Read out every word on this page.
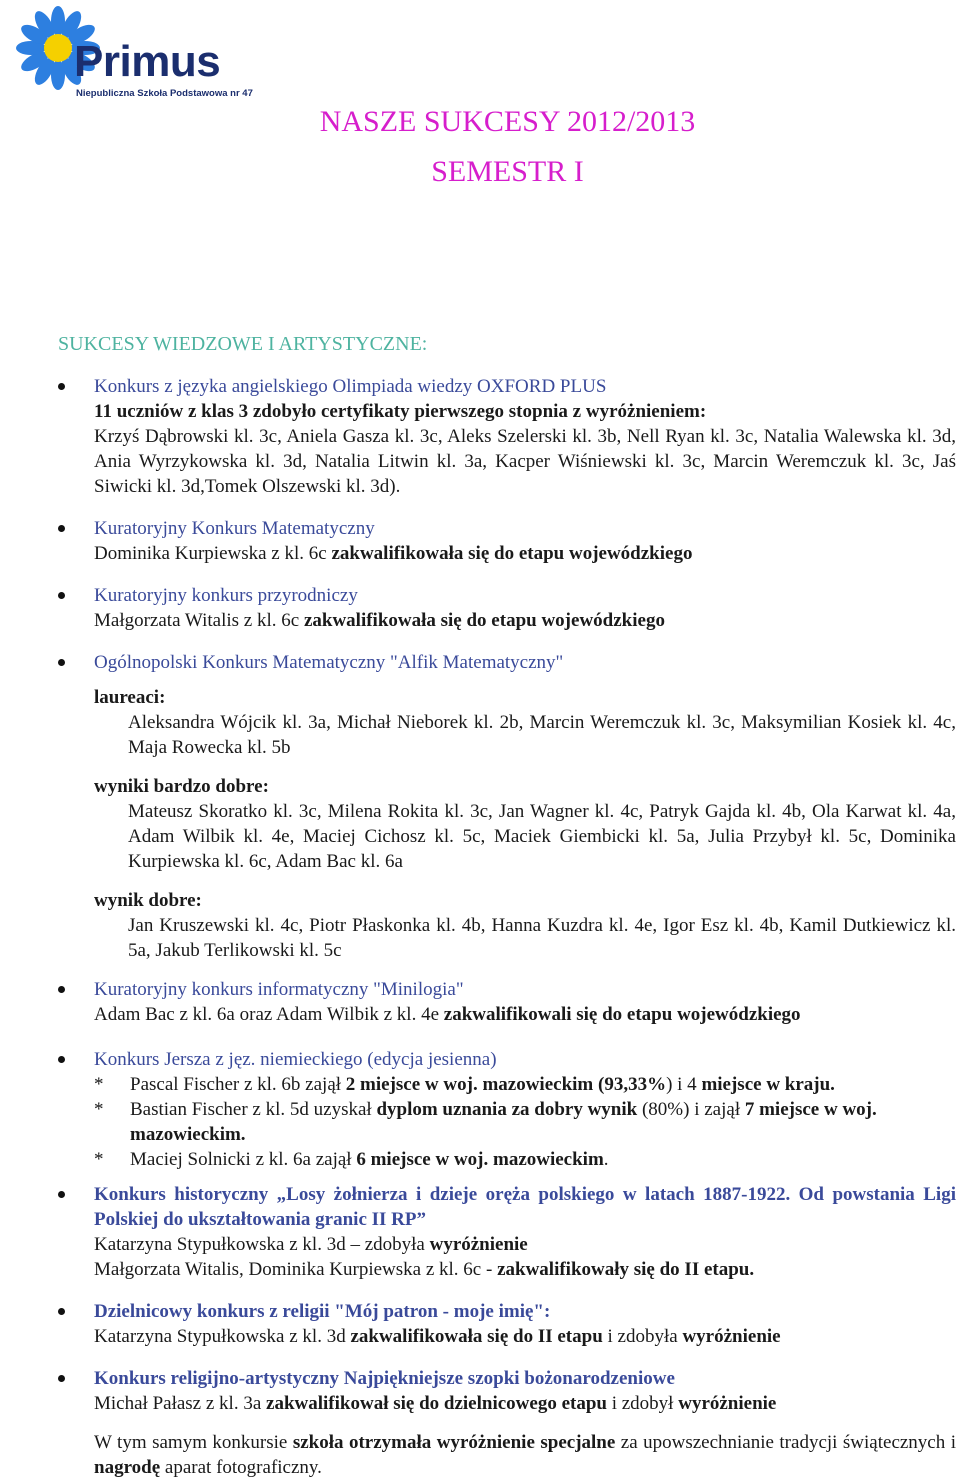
Primus
Niepubliczna Szkoła Podstawowa nr 47
NASZE SUKCESY 2012/2013
SEMESTR I
SUKCESY WIEDZOWE I ARTYSTYCZNE:
Konkurs z języka angielskiego Olimpiada wiedzy OXFORD PLUS
11 uczniów z klas 3 zdobyło certyfikaty pierwszego stopnia z wyróżnieniem:
Krzyś Dąbrowski kl. 3c, Aniela Gasza kl. 3c, Aleks Szelerski kl. 3b, Nell Ryan kl. 3c, Natalia Walewska kl. 3d, Ania Wyrzykowska kl. 3d, Natalia Litwin kl. 3a, Kacper Wiśniewski kl. 3c, Marcin Weremczuk kl. 3c, Jaś Siwicki kl. 3d,Tomek Olszewski kl. 3d).
Kuratoryjny Konkurs Matematyczny
Dominika Kurpiewska z kl. 6c zakwalifikowała się do etapu wojewódzkiego
Kuratoryjny konkurs przyrodniczy
Małgorzata Witalis z kl. 6c zakwalifikowała się do etapu wojewódzkiego
Ogólnopolski Konkurs Matematyczny "Alfik Matematyczny"
laureaci:
Aleksandra Wójcik kl. 3a, Michał Nieborek kl. 2b, Marcin Weremczuk kl. 3c, Maksymilian Kosiek kl. 4c, Maja Rowecka kl. 5b
wyniki bardzo dobre:
Mateusz Skoratko kl. 3c, Milena Rokita kl. 3c, Jan Wagner kl. 4c, Patryk Gajda kl. 4b, Ola Karwat kl. 4a, Adam Wilbik kl. 4e, Maciej Cichosz kl. 5c, Maciek Giembicki kl. 5a, Julia Przybył kl. 5c, Dominika Kurpiewska kl. 6c, Adam Bac kl. 6a
wynik dobre:
Jan Kruszewski kl. 4c, Piotr Płaskonka kl. 4b, Hanna Kuzdra kl. 4e, Igor Esz kl. 4b, Kamil Dutkiewicz kl. 5a, Jakub Terlikowski kl. 5c
Kuratoryjny konkurs informatyczny "Minilogia"
Adam Bac z kl. 6a oraz Adam Wilbik z kl. 4e zakwalifikowali się do etapu wojewódzkiego
Konkurs Jersza z jęz. niemieckiego (edycja jesienna)
* Pascal Fischer z kl. 6b zajął 2 miejsce w woj. mazowieckim (93,33%) i 4 miejsce w kraju.
* Bastian Fischer z kl. 5d uzyskał dyplom uznania za dobry wynik (80%) i zajął 7 miejsce w woj. mazowieckim.
* Maciej Solnicki z kl. 6a zajął 6 miejsce w woj. mazowieckim.
Konkurs historyczny „Losy żołnierza i dzieje oręża polskiego w latach 1887-1922. Od powstania Ligi Polskiej do ukształtowania granic II RP”
Katarzyna Stypułkowska z kl. 3d – zdobyła wyróżnienie
Małgorzata Witalis, Dominika Kurpiewska z kl. 6c - zakwalifikowały się do II etapu.
Dzielnicowy konkurs z religii "Mój patron - moje imię":
Katarzyna Stypułkowska z kl. 3d zakwalifikowała się do II etapu i zdobyła wyróżnienie
Konkurs religijno-artystyczny Najpiękniejsze szopki bożonarodzeniowe
Michał Pałasz z kl. 3a zakwalifikował się do dzielnicowego etapu i zdobył wyróżnienie
W tym samym konkursie szkoła otrzymała wyróżnienie specjalne za upowszechnianie tradycji świątecznych i nagrodę aparat fotograficzny.
